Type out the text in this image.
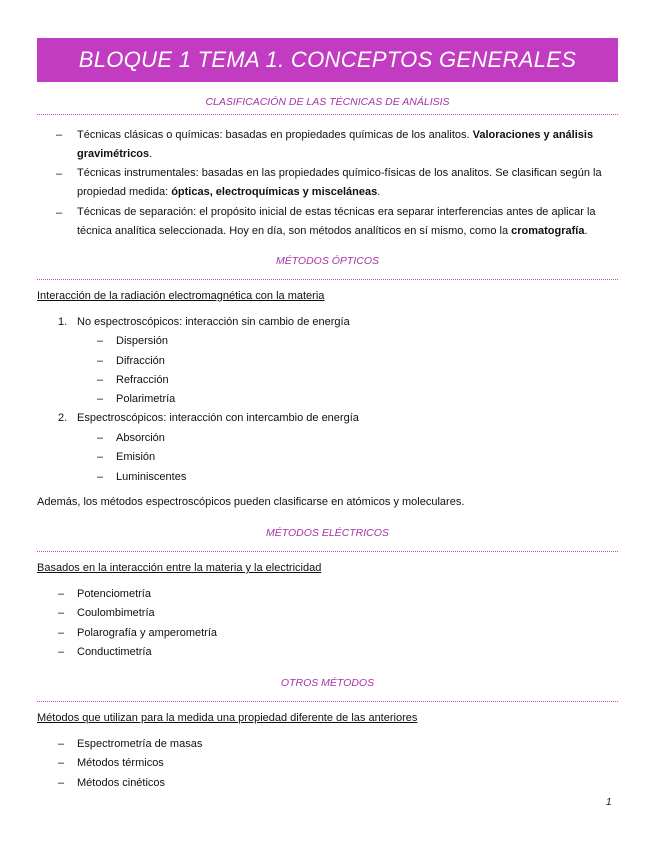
BLOQUE 1 TEMA 1. CONCEPTOS GENERALES
CLASIFICACIÓN DE LAS TÉCNICAS DE ANÁLISIS
– Técnicas clásicas o químicas: basadas en propiedades químicas de los analitos. Valoraciones y análisis gravimétricos.
– Técnicas instrumentales: basadas en las propiedades químico-físicas de los analitos. Se clasifican según la propiedad medida: ópticas, electroquímicas y misceláneas.
– Técnicas de separación: el propósito inicial de estas técnicas era separar interferencias antes de aplicar la técnica analítica seleccionada. Hoy en día, son métodos analíticos en sí mismo, como la cromatografía.
MÉTODOS ÓPTICOS
Interacción de la radiación electromagnética con la materia
1. No espectroscópicos: interacción sin cambio de energía
– Dispersión
– Difracción
– Refracción
– Polarimetría
2. Espectroscópicos: interacción con intercambio de energía
– Absorción
– Emisión
– Luminiscentes
Además, los métodos espectroscópicos pueden clasificarse en atómicos y moleculares.
MÉTODOS ELÉCTRICOS
Basados en la interacción entre la materia y la electricidad
– Potenciometría
– Coulombimetría
– Polarografía y amperometría
– Conductimetría
OTROS MÉTODOS
Métodos que utilizan para la medida una propiedad diferente de las anteriores
– Espectrometría de masas
– Métodos térmicos
– Métodos cinéticos
1
